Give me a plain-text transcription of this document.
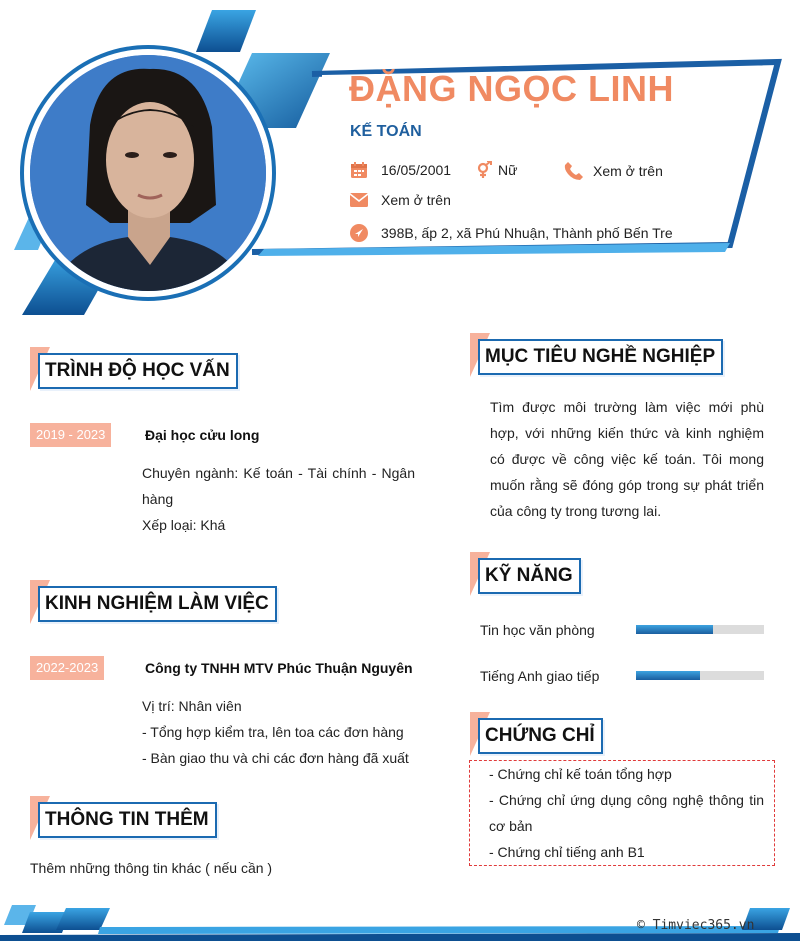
ĐẶNG NGỌC LINH
KẾ TOÁN
16/05/2001	Nữ	Xem ở trên
Xem ở trên
398B, ấp 2, xã Phú Nhuận, Thành phố Bến Tre
TRÌNH ĐỘ HỌC VẤN
2019 - 2023	Đại học cửu long
Chuyên ngành: Kế toán - Tài chính - Ngân hàng
Xếp loại: Khá
KINH NGHIỆM LÀM VIỆC
2022-2023	Công ty TNHH MTV Phúc Thuận Nguyên
Vị trí: Nhân viên
- Tổng hợp kiểm tra, lên toa các đơn hàng
- Bàn giao thu và chi các đơn hàng đã xuất
THÔNG TIN THÊM
Thêm những thông tin khác ( nếu cần )
MỤC TIÊU NGHỀ NGHIỆP
Tìm được môi trường làm việc mới phù hợp, với những kiến thức và kinh nghiệm có được về công việc kế toán. Tôi mong muốn rằng sẽ đóng góp trong sự phát triển của công ty trong tương lai.
KỸ NĂNG
Tin học văn phòng
Tiếng Anh giao tiếp
CHỨNG CHỈ
- Chứng chỉ kế toán tổng hợp
- Chứng chỉ ứng dụng công nghệ thông tin cơ bản
- Chứng chỉ tiếng anh B1
© Timviec365.vn
